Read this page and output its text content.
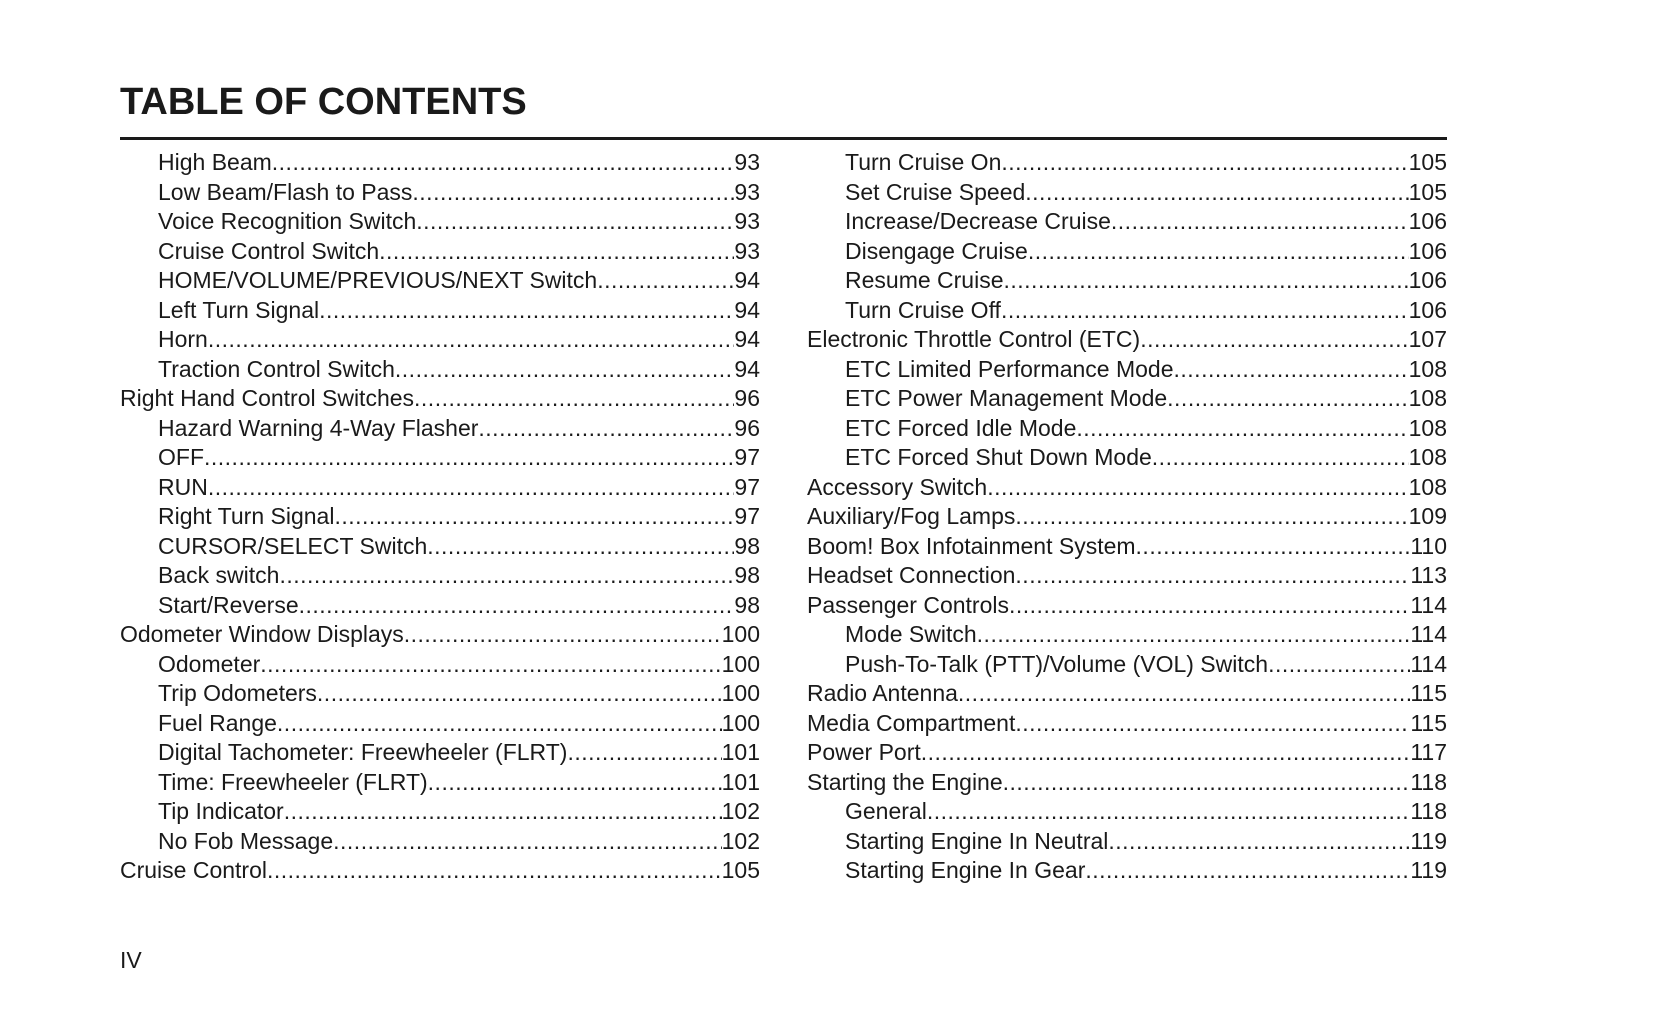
TABLE OF CONTENTS
High Beam .....	93
Low Beam/Flash to Pass .....	93
Voice Recognition Switch .....	93
Cruise Control Switch .....	93
HOME/VOLUME/PREVIOUS/NEXT Switch .....	94
Left Turn Signal .....	94
Horn .....	94
Traction Control Switch .....	94
Right Hand Control Switches .....	96
Hazard Warning 4-Way Flasher .....	96
OFF .....	97
RUN .....	97
Right Turn Signal .....	97
CURSOR/SELECT Switch .....	98
Back switch .....	98
Start/Reverse .....	98
Odometer Window Displays .....	100
Odometer .....	100
Trip Odometers .....	100
Fuel Range .....	100
Digital Tachometer: Freewheeler (FLRT) .....	101
Time: Freewheeler (FLRT) .....	101
Tip Indicator .....	102
No Fob Message .....	102
Cruise Control .....	105
Turn Cruise On .....	105
Set Cruise Speed .....	105
Increase/Decrease Cruise .....	106
Disengage Cruise .....	106
Resume Cruise .....	106
Turn Cruise Off .....	106
Electronic Throttle Control (ETC) .....	107
ETC Limited Performance Mode .....	108
ETC Power Management Mode .....	108
ETC Forced Idle Mode .....	108
ETC Forced Shut Down Mode .....	108
Accessory Switch .....	108
Auxiliary/Fog Lamps .....	109
Boom! Box Infotainment System .....	110
Headset Connection .....	113
Passenger Controls .....	114
Mode Switch .....	114
Push-To-Talk (PTT)/Volume (VOL) Switch .....	114
Radio Antenna .....	115
Media Compartment .....	115
Power Port .....	117
Starting the Engine .....	118
General .....	118
Starting Engine In Neutral .....	119
Starting Engine In Gear .....	119
IV
